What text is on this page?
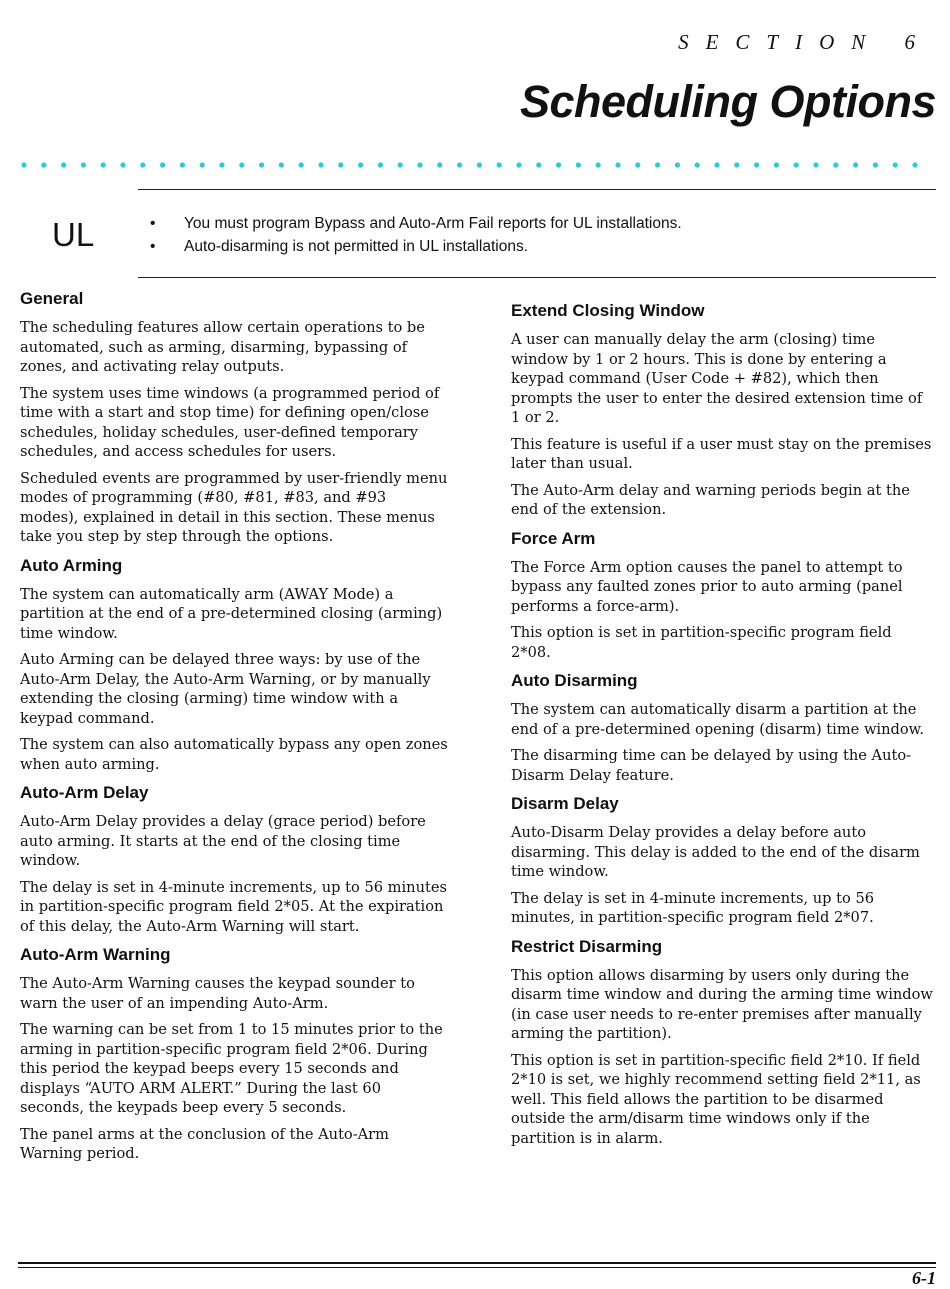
SECTION 6
Scheduling Options
UL
•	You must program Bypass and Auto-Arm Fail reports for UL installations.
• Auto-disarming is not permitted in UL installations.
General

The scheduling features allow certain operations to be automated, such as arming, disarming, bypassing of zones, and activating relay outputs.

The system uses time windows (a programmed period of time with a start and stop time) for defining open/close schedules, holiday schedules, user-defined temporary schedules, and access schedules for users.

Scheduled events are programmed by user-friendly menu modes of programming (#80, #81, #83, and #93 modes), explained in detail in this section. These menus take you step by step through the options.

Auto Arming

The system can automatically arm (AWAY Mode) a partition at the end of a pre-determined closing (arming) time window.

Auto Arming can be delayed three ways: by use of the Auto-Arm Delay, the Auto-Arm Warning, or by manually extending the closing (arming) time window with a keypad command.

The system can also automatically bypass any open zones when auto arming.

Auto-Arm Delay

Auto-Arm Delay provides a delay (grace period) before auto arming. It starts at the end of the closing time window.

The delay is set in 4-minute increments, up to 56 minutes in partition-specific program field 2*05. At the expiration of this delay, the Auto-Arm Warning will start.

Auto-Arm Warning

The Auto-Arm Warning causes the keypad sounder to warn the user of an impending Auto-Arm.

The warning can be set from 1 to 15 minutes prior to the arming in partition-specific program field 2*06. During this period the keypad beeps every 15 seconds and displays “AUTO ARM ALERT.” During the last 60 seconds, the keypads beep every 5 seconds.

The panel arms at the conclusion of the Auto-Arm Warning period.

Extend Closing Window

A user can manually delay the arm (closing) time window by 1 or 2 hours. This is done by entering a keypad command (User Code + #82), which then prompts the user to enter the desired extension time of 1 or 2.

This feature is useful if a user must stay on the premises later than usual.

The Auto-Arm delay and warning periods begin at the end of the extension.

Force Arm

The Force Arm option causes the panel to attempt to bypass any faulted zones prior to auto arming (panel performs a force-arm).

This option is set in partition-specific program field 2*08.

Auto Disarming

The system can automatically disarm a partition at the end of a pre-determined opening (disarm) time window.

The disarming time can be delayed by using the Auto-Disarm Delay feature.

Disarm Delay

Auto-Disarm Delay provides a delay before auto disarming. This delay is added to the end of the disarm time window.

The delay is set in 4-minute increments, up to 56 minutes, in partition-specific program field 2*07.

Restrict Disarming

This option allows disarming by users only during the disarm time window and during the arming time window (in case user needs to re-enter premises after manually arming the partition).

This option is set in partition-specific field 2*10. If field 2*10 is set, we highly recommend setting field 2*11, as well. This field allows the partition to be disarmed outside the arm/disarm time windows only if the partition is in alarm.

6-1
